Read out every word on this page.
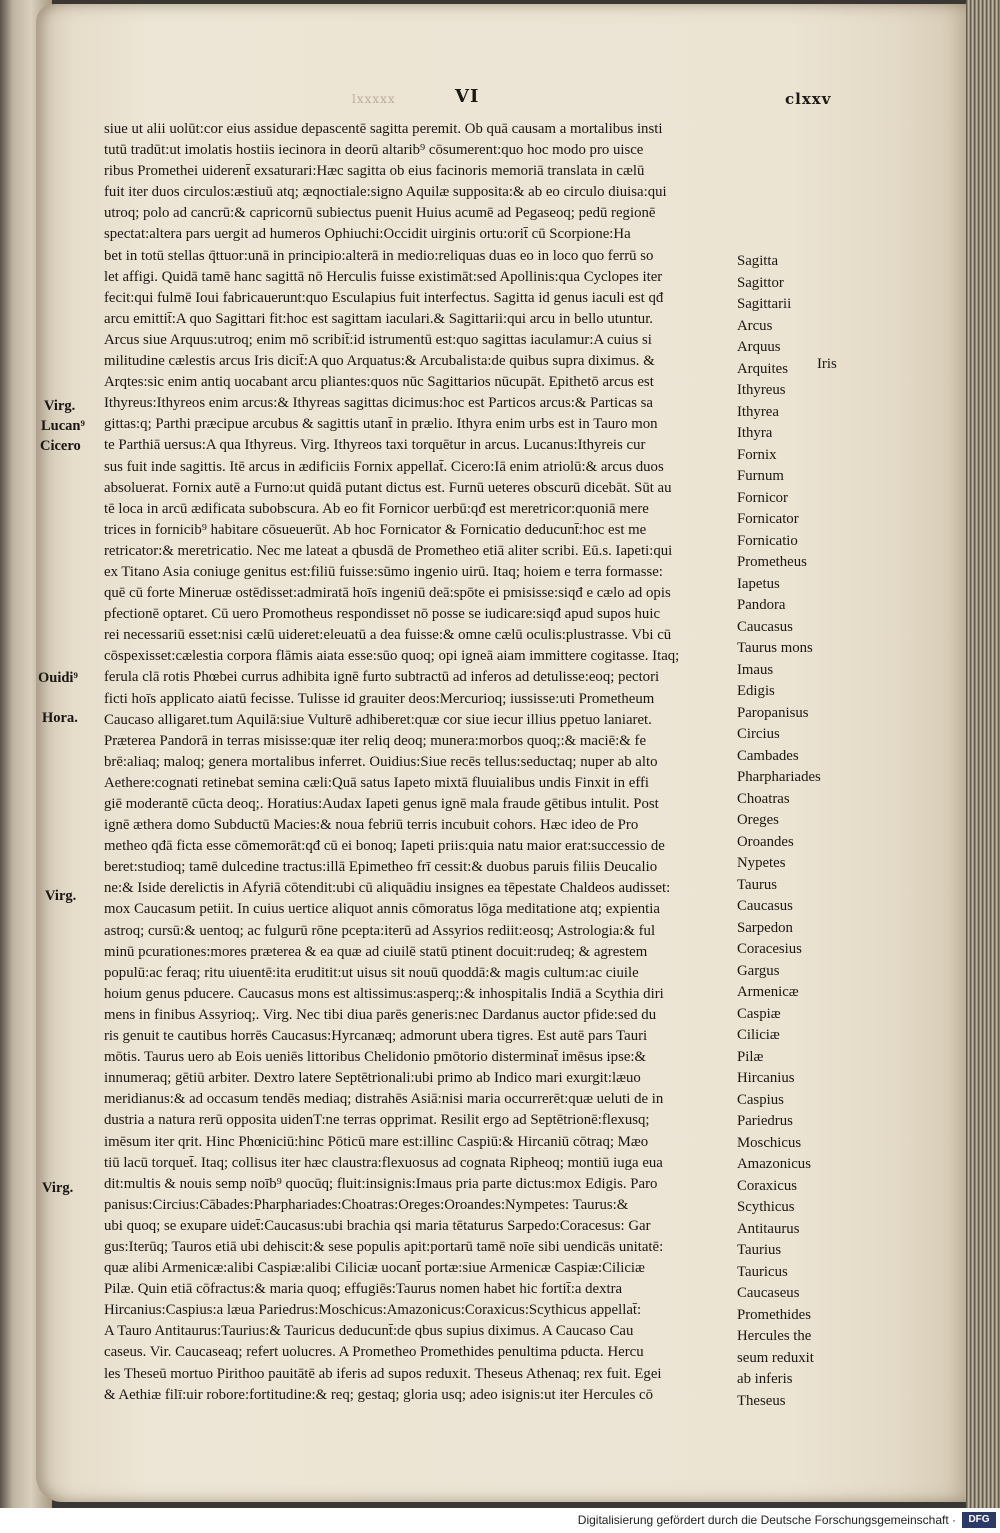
lxxxxx	VI	clxxv
siue ut alii uolūt:cor eius assidue depascentē sagitta peremit. Ob quā causam a mortalibus insti
tutū tradūt:ut imolatis hostiis iecinora in deorū altarib⁹ cōsumerent:quo hoc modo pro uisce
ribus Promethei uiderent̄ exsaturari:Hæc sagitta ob eius facinoris memoriā translata in cælū
fuit iter duos circulos:æstiuū atq; æqnoctiale:signo Aquilæ supposita:& ab eo circulo diuisa:qui
utroq; polo ad cancrū:& capricornū subiectus puenit Huius acumē ad Pegaseoq; pedū regionē
spectat:altera pars uergit ad humeros Ophiuchi:Occidit uirginis ortu:orit̄ cū Scorpione:Ha
bet in totū stellas q̄ttuor:unā in principio:alterā in medio:reliquas duas eo in loco quo ferrū so
let affigi. Quidā tamē hanc sagittā nō Herculis fuisse existimāt:sed Apollinis:qua Cyclopes iter
fecit:qui fulmē Ioui fabricauerunt:quo Esculapius fuit interfectus. Sagitta id genus iaculi est qđ
arcu emittit̄:A quo Sagittari fit:hoc est sagittam iaculari.& Sagittarii:qui arcu in bello utuntur.
Arcus siue Arquus:utroq; enim mō scribit̄:id istrumentū est:quo sagittas iaculamur:A cuius si
militudine cælestis arcus Iris dicit̄:A quo Arquatus:& Arcubalista:de quibus supra diximus. &
Arqtes:sic enim antiq uocabant arcu pliantes:quos nūc Sagittarios nūcupāt. Epithetō arcus est
Ithyreus:Ithyreos enim arcus:& Ithyreas sagittas dicimus:hoc est Particos arcus:& Particas sa
gittas:q; Parthi præcipue arcubus & sagittis utant̄ in prælio. Ithyra enim urbs est in Tauro mon
te Parthiā uersus:A qua Ithyreus. Virg. Ithyreos taxi torquētur in arcus. Lucanus:Ithyreis cur
sus fuit inde sagittis. Itē arcus in ædificiis Fornix appellat̄. Cicero:Iā enim atriolū:& arcus duos
absoluerat. Fornix autē a Furno:ut quidā putant dictus est. Furnū ueteres obscurū dicebāt. Sūt au
tē loca in arcū ædificata subobscura. Ab eo fit Fornicor uerbū:qđ est meretricor:quoniā mere
trices in fornicib⁹ habitare cōsueuerūt. Ab hoc Fornicator & Fornicatio deducunt̄:hoc est me
retricator:& meretricatio. Nec me lateat a qbusdā de Prometheo etiā aliter scribi. Eū.s. Iapeti:qui
ex Titano Asia coniuge genitus est:filiū fuisse:sūmo ingenio uirū. Itaq; hoiem e terra formasse:
quē cū forte Mineruæ ostēdisset:admiratā hoīs ingeniū deā:spōte ei pmisisse:siqđ e cælo ad opis
pfectionē optaret. Cū uero Promotheus respondisset nō posse se iudicare:siqđ apud supos huic
rei necessariū esset:nisi cælū uideret:eleuatū a dea fuisse:& omne cælū oculis:plustrasse. Vbi cū
cōspexisset:cælestia corpora flāmis aiata esse:sūo quoq; opi igneā aiam immittere cogitasse. Itaq;
ferula clā rotis Phœbei currus adhibita ignē furto subtractū ad inferos ad detulisse:eoq; pectori
ficti hoīs applicato aiatū fecisse. Tulisse id grauiter deos:Mercurioq; iussisse:uti Prometheum
Caucaso alligaret.tum Aquilā:siue Vulturē adhiberet:quæ cor siue iecur illius ppetuo laniaret.
Præterea Pandorā in terras misisse:quæ iter reliq deoq; munera:morbos quoq;:& maciē:& fe
brē:aliaq; maloq; genera mortalibus inferret. Ouidius:Siue recēs tellus:seductaq; nuper ab alto
Aethere:cognati retinebat semina cæli:Quā satus Iapeto mixtā fluuialibus undis Finxit in effi
giē moderantē cūcta deoq;. Horatius:Audax Iapeti genus ignē mala fraude gētibus intulit. Post
ignē æthera domo Subductū Macies:& noua febriū terris incubuit cohors. Hæc ideo de Pro
metheo qđā ficta esse cōmemorāt:qđ cū ei bonoq; Iapeti priis:quia natu maior erat:successio de
beret:studioq; tamē dulcedine tractus:illā Epimetheo frī cessit:& duobus paruis filiis Deucalio
ne:& Iside derelictis in Afyriā cōtendit:ubi cū aliquādiu insignes ea tēpestate Chaldeos audisset:
mox Caucasum petiit. In cuius uertice aliquot annis cōmoratus lōga meditatione atq; expientia
astroq; cursū:& uentoq; ac fulgurū rōne pcepta:iterū ad Assyrios rediit:eosq; Astrologia:& ful
minū pcurationes:mores præterea & ea quæ ad ciuilē statū ptinent docuit:rudeq; & agrestem
populū:ac feraq; ritu uiuentē:ita eruditit:ut uisus sit nouū quoddā:& magis cultum:ac ciuile
hoium genus pducere. Caucasus mons est altissimus:asperq;:& inhospitalis Indiā a Scythia diri
mens in finibus Assyrioq;. Virg. Nec tibi diua parēs generis:nec Dardanus auctor pfide:sed du
ris genuit te cautibus horrēs Caucasus:Hyrcanæq; admorunt ubera tigres. Est autē pars Tauri
mōtis. Taurus uero ab Eois ueniēs littoribus Chelidonio pmōtorio disterminat̄ imēsus ipse:&
innumeraq; gētiū arbiter. Dextro latere Septētrionali:ubi primo ab Indico mari exurgit:læuo
meridianus:& ad occasum tendēs mediaq; distrahēs Asiā:nisi maria occurrerēt:quæ ueluti de in
dustria a natura rerū opposita uidenT:ne terras opprimat. Resilit ergo ad Septētrionē:flexusq;
imēsum iter qrit. Hinc Phœniciū:hinc Pōticū mare est:illinc Caspiū:& Hircaniū cōtraq; Mæo
tiū lacū torquet̄. Itaq; collisus iter hæc claustra:flexuosus ad cognata Ripheoq; montiū iuga eua
dit:multis & nouis semp noīb⁹ quocūq; fluit:insignis:Imaus pria parte dictus:mox Edigis. Paro
panisus:Circius:Cābades:Pharphariades:Choatras:Oreges:Oroandes:Nympetes: Taurus:&
ubi quoq; se exupare uidet̄:Caucasus:ubi brachia qsi maria tētaturus Sarpedo:Coracesus: Gar
gus:Iterūq; Tauros etiā ubi dehiscit:& sese populis apit:portarū tamē noīe sibi uendicās unitatē:
quæ alibi Armenicæ:alibi Caspiæ:alibi Ciliciæ uocant̄ portæ:siue Armenicæ Caspiæ:Ciliciæ
Pilæ. Quin etiā cōfractus:& maria quoq; effugiēs:Taurus nomen habet hic fortit̄:a dextra
Hircanius:Caspius:a læua Pariedrus:Moschicus:Amazonicus:Coraxicus:Scythicus appellat̄:
A Tauro Antitaurus:Taurius:& Tauricus deducunt̄:de qbus supius diximus. A Caucaso Cau
caseus. Vir. Caucaseaq; refert uolucres. A Prometheo Promethides penultima pducta. Hercu
les Theseū mortuo Pirithoo pauitātē ab iferis ad supos reduxit. Theseus Athenaq; rex fuit. Egei
& Aethiæ filī:uir robore:fortitudine:& req; gestaq; gloria usq; adeo isignis:ut iter Hercules cō
Iris
Sagitta
Sagittor
Sagittarii
Arcus
Arquus
Arquites
Ithyreus
Ithyrea
Ithyra
Fornix
Furnum
Fornicor
Fornicator
Fornicatio
Prometheus
Iapetus
Pandora
Caucasus
Taurus mons
Imaus
Edigis
Paropanisus
Circius
Cambades
Pharphariades
Choatras
Oreges
Oroandes
Nypetes
Taurus
Caucasus
Sarpedon
Coracesius
Gargus
Armenicæ
Caspiæ
Ciliciæ
Pilæ
Hircanius
Caspius
Pariedrus
Moschicus
Amazonicus
Coraxicus
Scythicus
Antitaurus
Taurius
Tauricus
Caucaseus
Promethides
Hercules the
seum reduxit
ab inferis
Theseus
Virg.
Lucan⁹
Cicero
Ouidi⁹
Hora.
Virg.
Virg.
Digitalisierung gefördert durch die Deutsche Forschungsgemeinschaft ·	DFG
